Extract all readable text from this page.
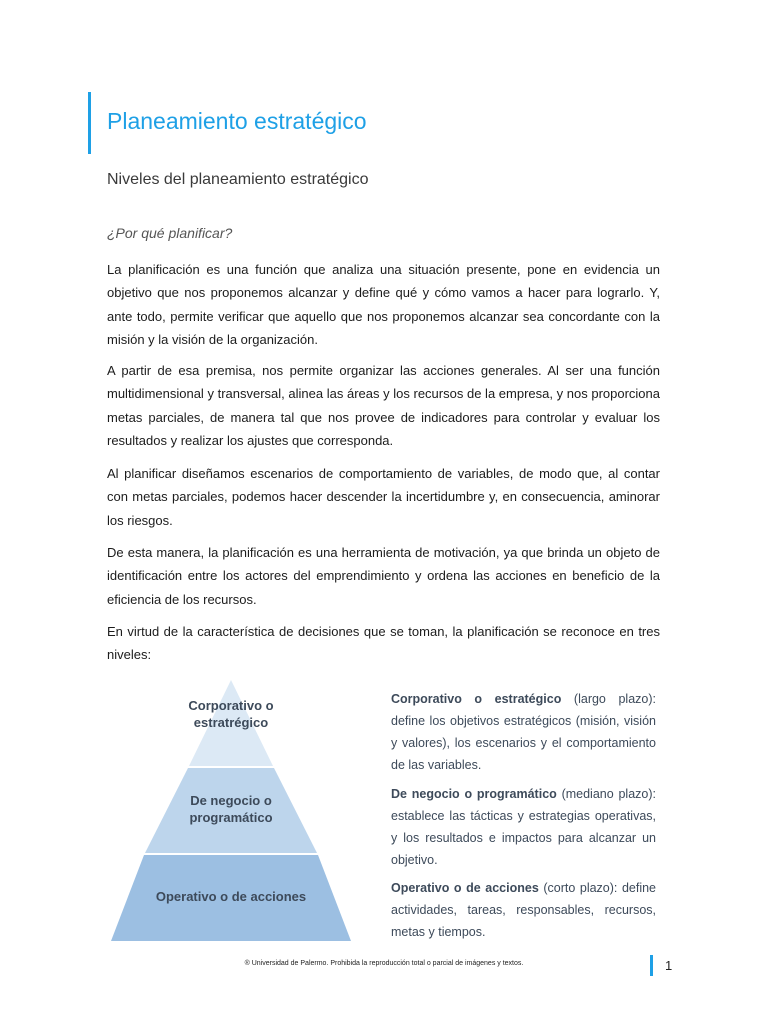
Planeamiento estratégico
Niveles del planeamiento estratégico

¿Por qué planificar?

La planificación es una función que analiza una situación presente, pone en evidencia un objetivo que nos proponemos alcanzar y define qué y cómo vamos a hacer para lograrlo. Y, ante todo, permite verificar que aquello que nos proponemos alcanzar sea concordante con la misión y la visión de la organización.

A partir de esa premisa, nos permite organizar las acciones generales. Al ser una función multidimensional y transversal, alinea las áreas y los recursos de la empresa, y nos proporciona metas parciales, de manera tal que nos provee de indicadores para controlar y evaluar los resultados y realizar los ajustes que corresponda.

Al planificar diseñamos escenarios de comportamiento de variables, de modo que, al contar con metas parciales, podemos hacer descender la incertidumbre y, en consecuencia, aminorar los riesgos.

De esta manera, la planificación es una herramienta de motivación, ya que brinda un objeto de identificación entre los actores del emprendimiento y ordena las acciones en beneficio de la eficiencia de los recursos.

En virtud de la característica de decisiones que se toman, la planificación se reconoce en tres niveles:

Corporativo o estratrégico

De negocio o programático

Operativo o de acciones

Corporativo o estratégico (largo plazo): define los objetivos estratégicos (misión, visión y valores), los escenarios y el comportamiento de las variables.

De negocio o programático (mediano plazo): establece las tácticas y estrategias operativas, y los resultados e impactos para alcanzar un objetivo.

Operativo o de acciones (corto plazo): define actividades, tareas, responsables, recursos, metas y tiempos.

® Universidad de Palermo. Prohibida la reproducción total o parcial de imágenes y textos.	1
